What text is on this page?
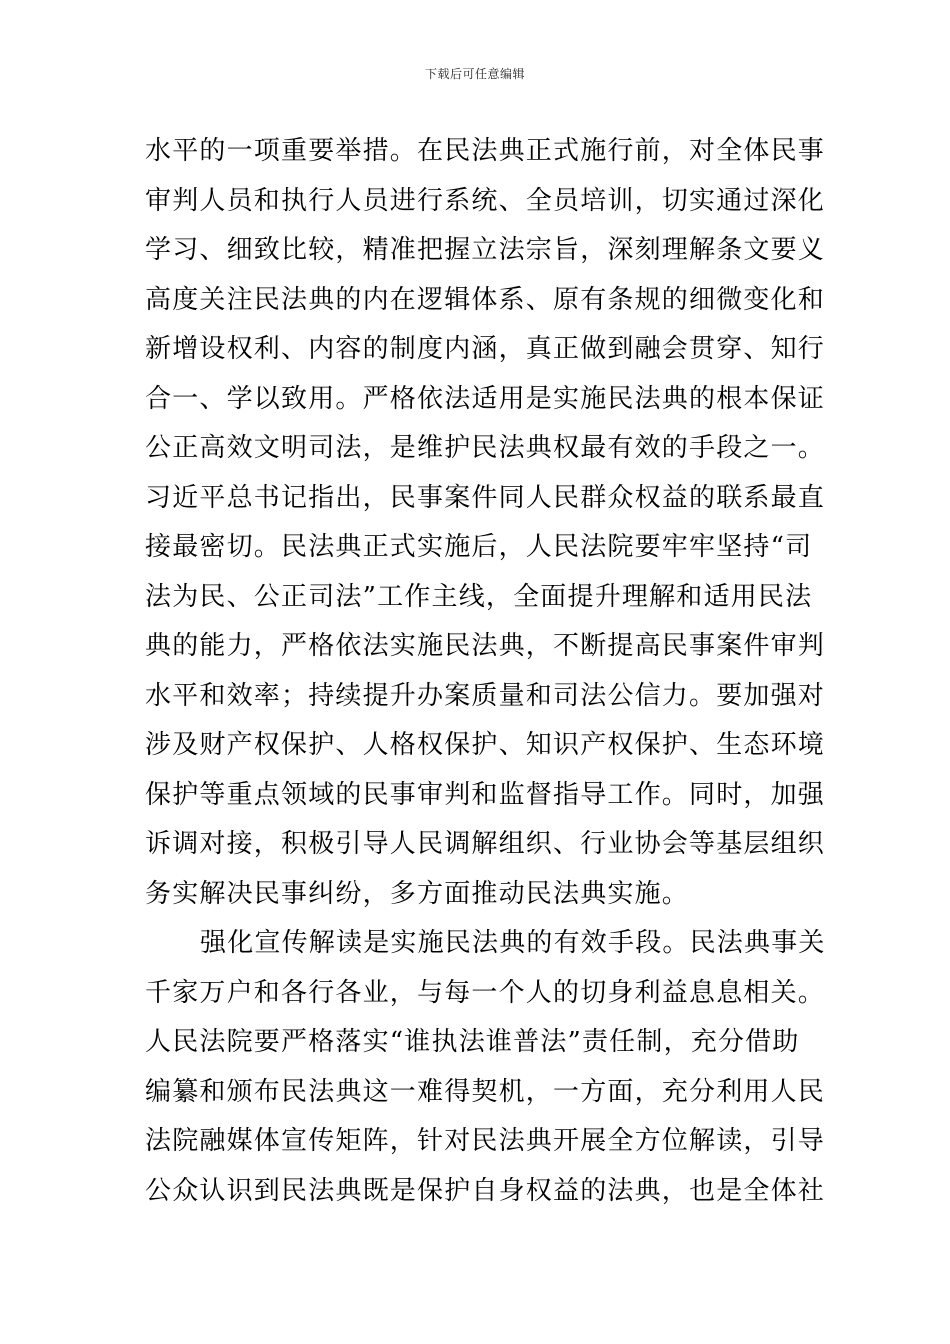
下载后可任意编辑
水平的一项重要举措。在民法典正式施行前，对全体民事
审判人员和执行人员进行系统、全员培训，切实通过深化
学习、细致比较，精准把握立法宗旨，深刻理解条文要义
高度关注民法典的内在逻辑体系、原有条规的细微变化和
新增设权利、内容的制度内涵，真正做到融会贯穿、知行
合一、学以致用。严格依法适用是实施民法典的根本保证
公正高效文明司法，是维护民法典权最有效的手段之一。
习近平总书记指出，民事案件同人民群众权益的联系最直
接最密切。民法典正式实施后，人民法院要牢牢坚持“司
法为民、公正司法”工作主线，全面提升理解和适用民法
典的能力，严格依法实施民法典，不断提高民事案件审判
水平和效率；持续提升办案质量和司法公信力。要加强对
涉及财产权保护、人格权保护、知识产权保护、生态环境
保护等重点领域的民事审判和监督指导工作。同时，加强
诉调对接，积极引导人民调解组织、行业协会等基层组织
务实解决民事纠纷，多方面推动民法典实施。
强化宣传解读是实施民法典的有效手段。民法典事关
千家万户和各行各业，与每一个人的切身利益息息相关。
人民法院要严格落实“谁执法谁普法”责任制，充分借助
编纂和颁布民法典这一难得契机，一方面，充分利用人民
法院融媒体宣传矩阵，针对民法典开展全方位解读，引导
公众认识到民法典既是保护自身权益的法典，也是全体社
